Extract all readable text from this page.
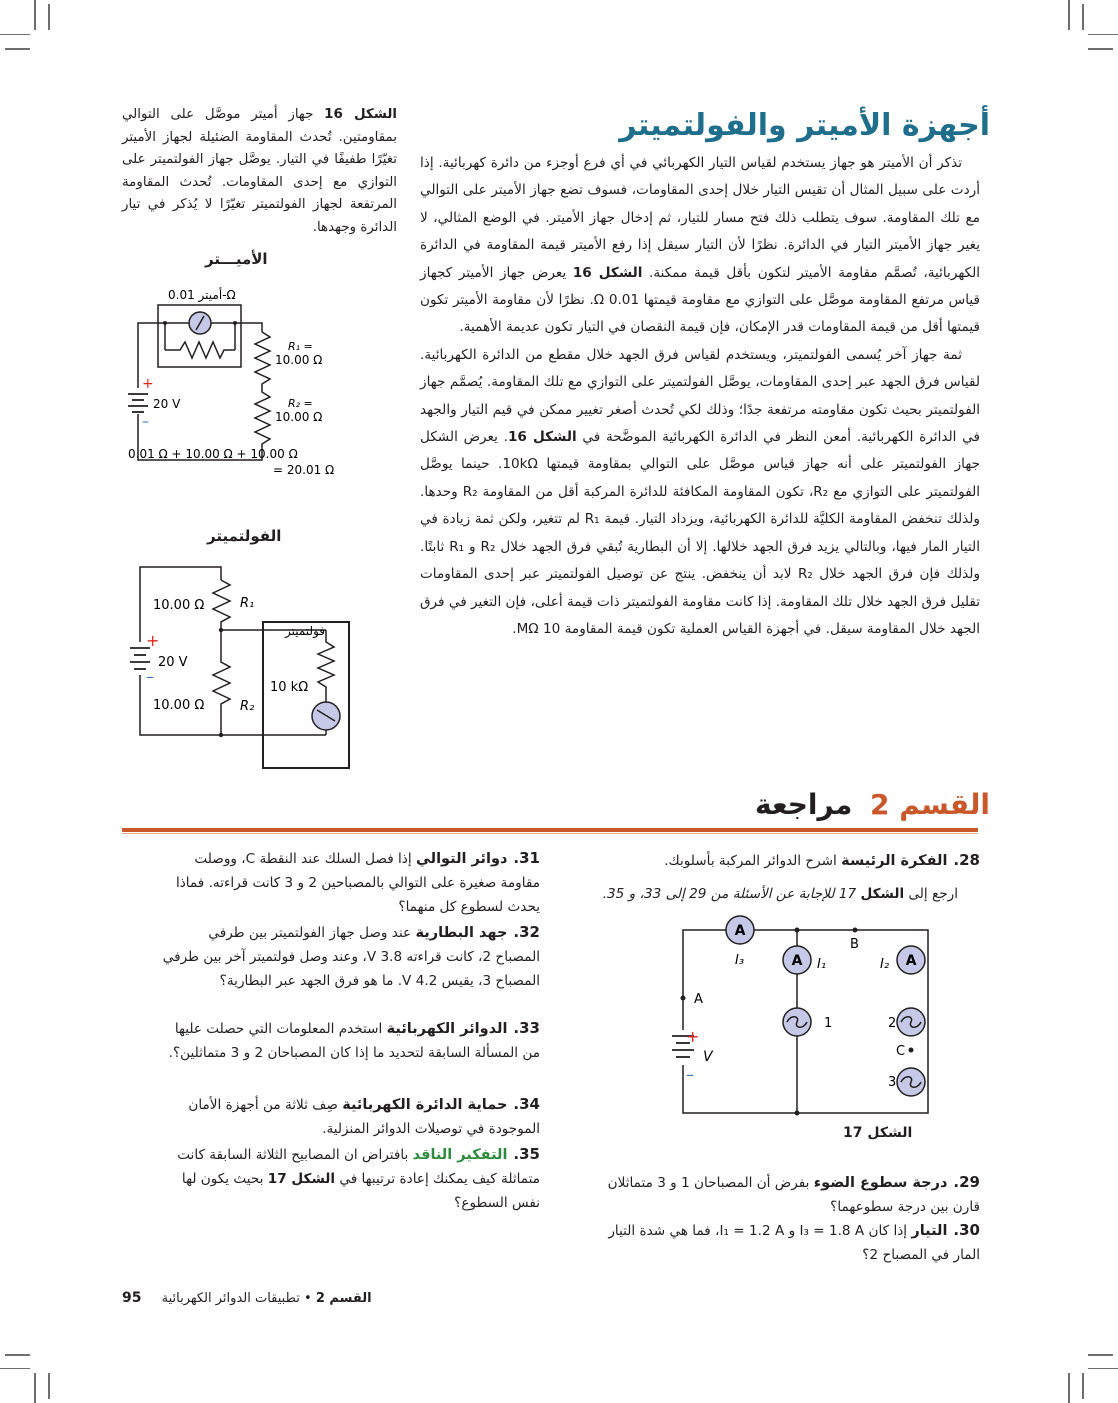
أجهزة الأميتر والفولتميتر

تذكر أن الأميتر هو جهاز يستخدم لقياس التيار الكهربائي في أي فرع أوجزء من دائرة كهربائية. إذا أردت على سبيل المثال أن تقيس التيار خلال إحدى المقاومات، فسوف تضع جهاز الأميتر على التوالي مع تلك المقاومة. سوف يتطلب ذلك فتح مسار للتيار، ثم إدخال جهاز الأميتر. في الوضع المثالي، لا يغير جهاز الأميتر التيار في الدائرة. نظرًا لأن التيار سيقل إذا رفع الأميتر قيمة المقاومة في الدائرة الكهربائية، تُصمَّم مقاومة الأميتر لتكون بأقل قيمة ممكنة. الشكل 16 يعرض جهاز الأميتر كجهاز قياس مرتفع المقاومة موصَّل على التوازي مع مقاومة قيمتها Ω 0.01. نظرًا لأن مقاومة الأميتر تكون قيمتها أقل من قيمة المقاومات قدر الإمكان، فإن قيمة النقصان في التيار تكون عديمة الأهمية.

ثمة جهاز آخر يُسمى الفولتميتر، ويستخدم لقياس فرق الجهد خلال مقطع من الدائرة الكهربائية. لقياس فرق الجهد عبر إحدى المقاومات، يوصَّل الفولتميتر على التوازي مع تلك المقاومة. يُصمَّم جهاز الفولتميتر بحيث تكون مقاومته مرتفعة جدًا؛ وذلك لكي تُحدث أصغر تغيير ممكن في قيم التيار والجهد في الدائرة الكهربائية. أمعن النظر في الدائرة الكهربائية الموضَّحة في الشكل 16. يعرض الشكل جهاز الفولتميتر على أنه جهاز قياس موصَّل على التوالي بمقاومة قيمتها 10kΩ. حينما يوصَّل الفولتميتر على التوازي مع R₂، تكون المقاومة المكافئة للدائرة المركبة أقل من المقاومة R₂ وحدها. ولذلك تنخفض المقاومة الكليَّة للدائرة الكهربائية، ويزداد التيار. قيمة R₁ لم تتغير، ولكن ثمة زيادة في التيار المار فيها، وبالتالي يزيد فرق الجهد خلالها. إلا أن البطارية تُبقي فرق الجهد خلال R₂ و R₁ ثابتًا. ولذلك فإن فرق الجهد خلال R₂ لابد أن ينخفض. ينتج عن توصيل الفولتميتر عبر إحدى المقاومات تقليل فرق الجهد خلال تلك المقاومة. إذا كانت مقاومة الفولتميتر ذات قيمة أعلى، فإن التغير في فرق الجهد خلال المقاومة سيقل. في أجهزة القياس العملية تكون قيمة المقاومة 10 MΩ.

الشكل 16 جهاز أميتر موصَّل على التوالي بمقاومتين. تُحدث المقاومة الضئيلة لجهاز الأميتر تغيّرًا طفيفًا في التيار. يوصَّل جهاز الفولتميتر على التوازي مع إحدى المقاومات. تُحدث المقاومة المرتفعة لجهاز الفولتميتر تغيّرًا لا يُذكر في تيار الدائرة وجهدها.
الأميـــتر
أميتر 0.01-Ω
+
–
20 V
R₁ =
10.00 Ω
R₂ =
10.00 Ω
0.01 Ω + 10.00 Ω + 10.00 Ω
= 20.01 Ω
الفولتميتر
+
–
20 V
10.00 Ω	R₁
10.00 Ω	R₂
فولتميتر
10 kΩ
القسم 2 مراجعة
28.الفكرة الرئيسة اشرح الدوائر المركبة بأسلوبك.
ارجع إلى الشكل 17 للإجابة عن الأسئلة من 29 إلى 33، و 35.
A
A	A
+
–
V
A
B
C
I₃	I₁	I₂
1	2
3
الشكل 17
29.درجة سطوع الضوء بفرض أن المصباحان 1 و 3 متماثلان قارن بين درجة سطوعهما؟
30.التيار إذا كان I₃ = 1.8 A و I₁ = 1.2 A، فما هي شدة التيار المار في المصباح 2؟
31.دوائر التوالي إذا فصل السلك عند النقطة C، ووصلت مقاومة صغيرة على التوالي بالمصباحين 2 و 3 كانت قراءته. فماذا يحدث لسطوع كل منهما؟
32.جهد البطارية عند وصل جهاز الفولتميتر بين طرفي المصباح 2، كانت قراءته 3.8 V، وعند وصل فولتميتر آخر بين طرفي المصباح 3، يقيس 4.2 V. ما هو فرق الجهد عبر البطارية؟
33.الدوائر الكهربائية استخدم المعلومات التي حصلت عليها من المسألة السابقة لتحديد ما إذا كان المصباحان 2 و 3 متماثلين؟.
34.حماية الدائرة الكهربائية صِف ثلاثة من أجهزة الأمان الموجودة في توصيلات الدوائر المنزلية.
35.التفكير الناقد بافتراض ان المصابيح الثلاثة السابقة كانت متماثلة كيف يمكنك إعادة ترتيبها في الشكل 17 بحيث يكون لها نفس السطوع؟
القسم 2 • تطبيقات الدوائر الكهربائية 95
